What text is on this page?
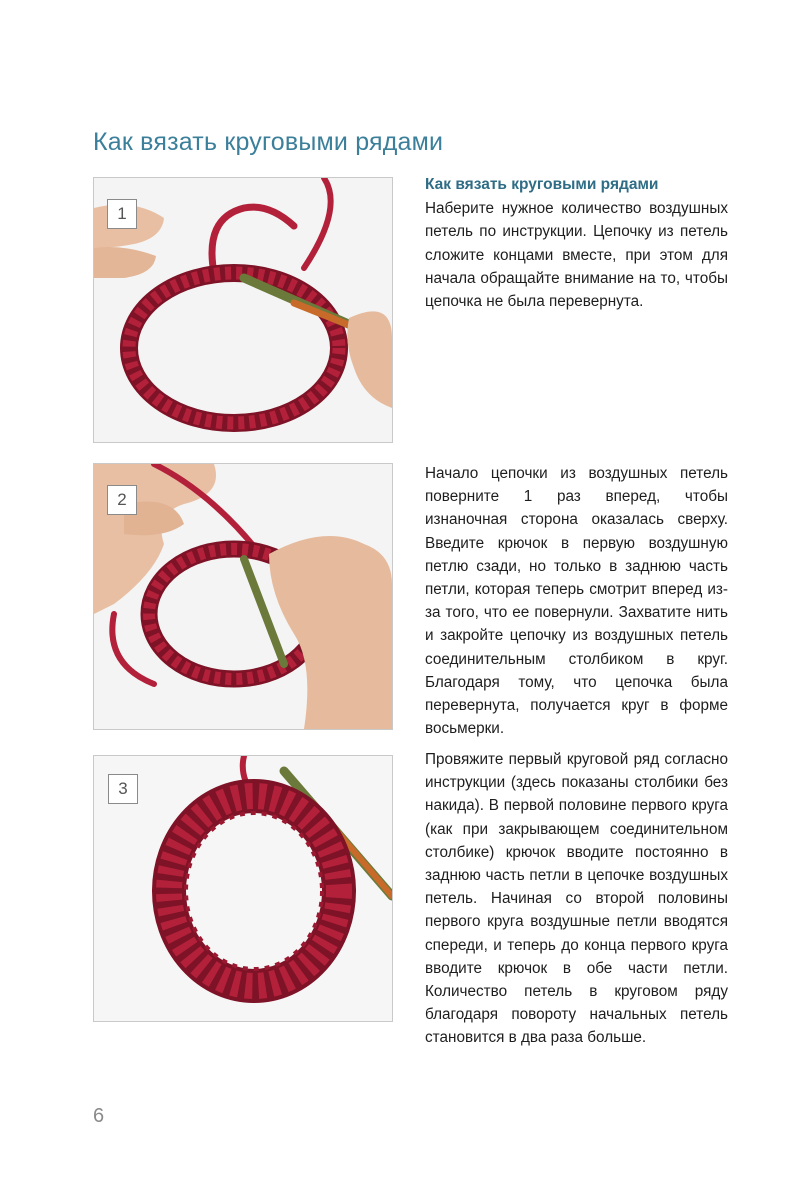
Как вязать круговыми рядами
1
2
3
Как вязать круговыми рядами
Наберите нужное количество воздушных петель по инструкции. Цепочку из петель сложите концами вместе, при этом для начала обращайте внимание на то, чтобы цепочка не была перевернута.
Начало цепочки из воздушных петель поверните 1 раз вперед, чтобы изнаночная сторона оказалась сверху. Введите крючок в первую воздушную петлю сзади, но только в заднюю часть петли, которая теперь смотрит вперед из-за того, что ее повернули. Захватите нить и закройте цепочку из воздушных петель соединительным столбиком в круг. Благодаря тому, что цепочка была перевернута, получается круг в форме восьмерки.
Провяжите первый круговой ряд согласно инструкции (здесь показаны столбики без накида). В первой половине первого круга (как при закрывающем соединительном столбике) крючок вводите постоянно в заднюю часть петли в цепочке воздушных петель. Начиная со второй половины первого круга воздушные петли вводятся спереди, и теперь до конца первого круга вводите крючок в обе части петли. Количество петель в круговом ряду благодаря повороту начальных петель становится в два раза больше.
6
